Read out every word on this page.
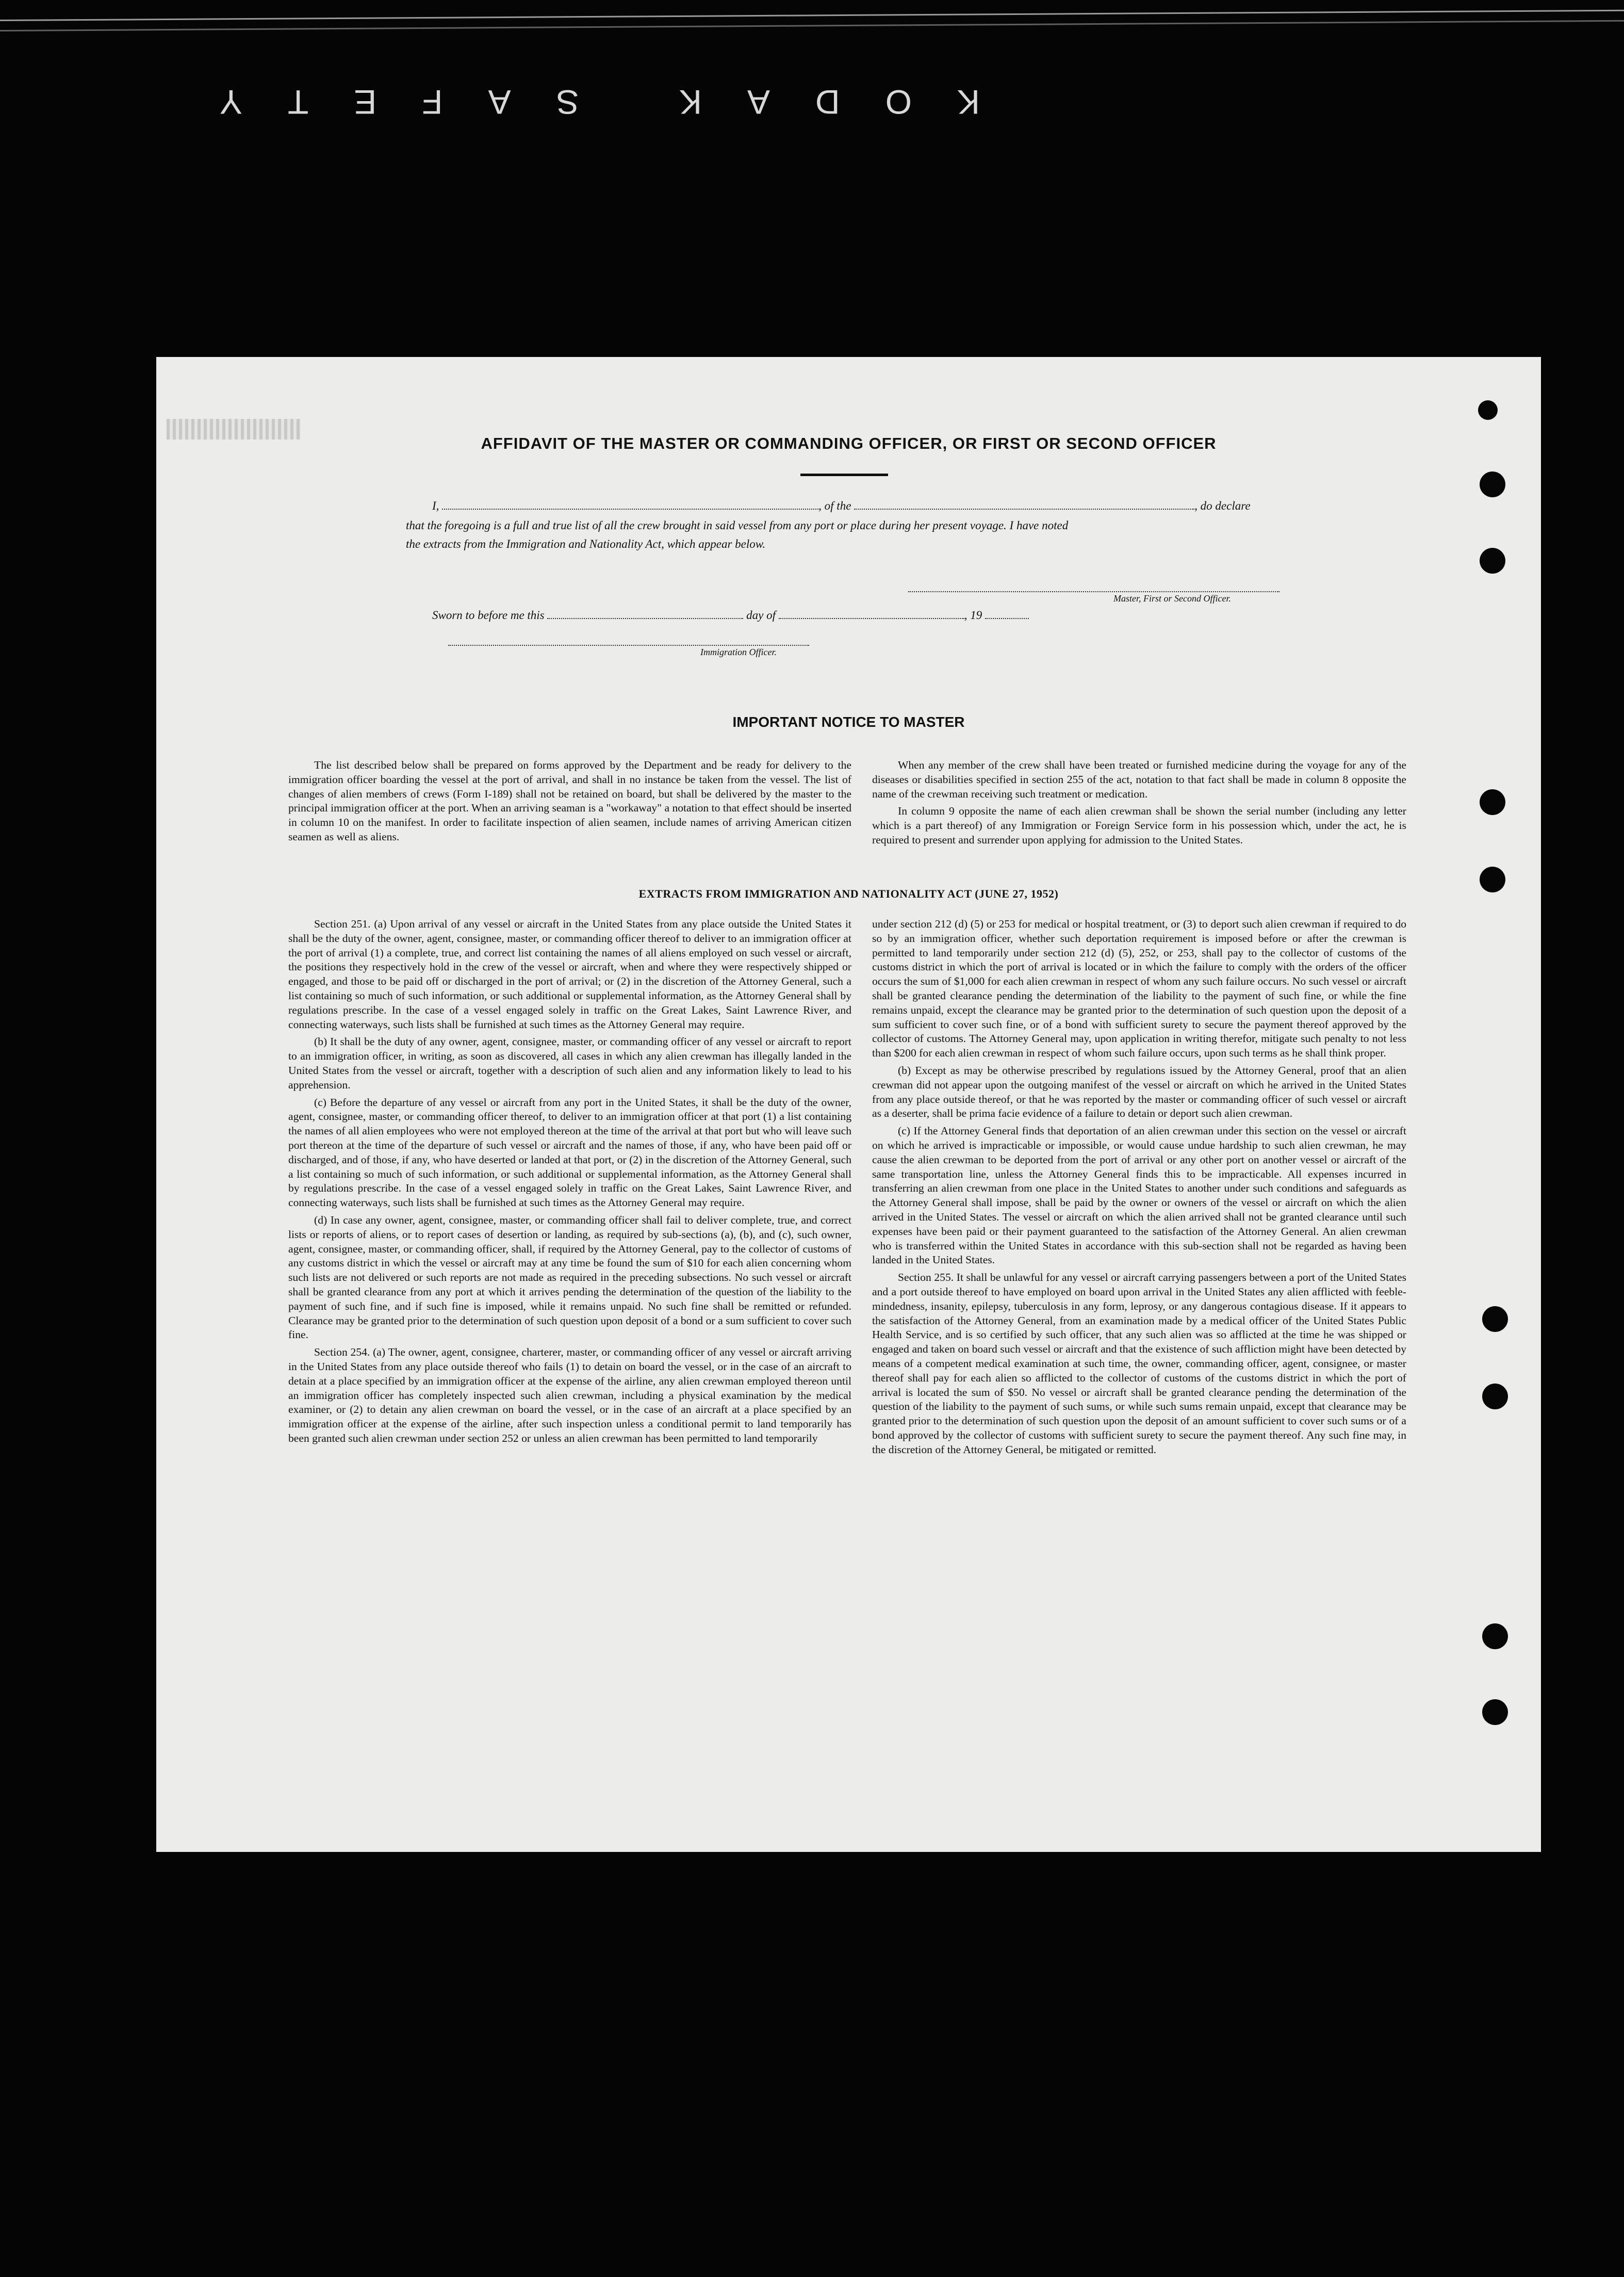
KODAK SAFETY
AFFIDAVIT OF THE MASTER OR COMMANDING OFFICER, OR FIRST OR SECOND OFFICER
I,	, of the	, do declare
that the foregoing is a full and true list of all the crew brought in said vessel from any port or place during her present voyage. I have noted
the extracts from the Immigration and Nationality Act, which appear below.
Master, First or Second Officer.
Sworn to before me this	day of	, 19
Immigration Officer.
IMPORTANT NOTICE TO MASTER

The list described below shall be prepared on forms approved by the Department and be ready for delivery to the immigration officer boarding the vessel at the port of arrival, and shall in no instance be taken from the vessel. The list of changes of alien members of crews (Form I-189) shall not be retained on board, but shall be delivered by the master to the principal immigration officer at the port. When an arriving seaman is a "workaway" a notation to that effect should be inserted in column 10 on the manifest. In order to facilitate inspection of alien seamen, include names of arriving American citizen seamen as well as aliens.

When any member of the crew shall have been treated or furnished medicine during the voyage for any of the diseases or disabilities specified in section 255 of the act, notation to that fact shall be made in column 8 opposite the name of the crewman receiving such treatment or medication.

In column 9 opposite the name of each alien crewman shall be shown the serial number (including any letter which is a part thereof) of any Immigration or Foreign Service form in his possession which, under the act, he is required to present and surrender upon applying for admission to the United States.

EXTRACTS FROM IMMIGRATION AND NATIONALITY ACT (JUNE 27, 1952)

Section 251. (a) Upon arrival of any vessel or aircraft in the United States from any place outside the United States it shall be the duty of the owner, agent, consignee, master, or commanding officer thereof to deliver to an immigration officer at the port of arrival (1) a complete, true, and correct list containing the names of all aliens employed on such vessel or aircraft, the positions they respectively hold in the crew of the vessel or aircraft, when and where they were respectively shipped or engaged, and those to be paid off or discharged in the port of arrival; or (2) in the discretion of the Attorney General, such a list containing so much of such information, or such additional or supplemental information, as the Attorney General shall by regulations prescribe. In the case of a vessel engaged solely in traffic on the Great Lakes, Saint Lawrence River, and connecting waterways, such lists shall be furnished at such times as the Attorney General may require.

(b) It shall be the duty of any owner, agent, consignee, master, or commanding officer of any vessel or aircraft to report to an immigration officer, in writing, as soon as discovered, all cases in which any alien crewman has illegally landed in the United States from the vessel or aircraft, together with a description of such alien and any information likely to lead to his apprehension.

(c) Before the departure of any vessel or aircraft from any port in the United States, it shall be the duty of the owner, agent, consignee, master, or commanding officer thereof, to deliver to an immigration officer at that port (1) a list containing the names of all alien employees who were not employed thereon at the time of the arrival at that port but who will leave such port thereon at the time of the departure of such vessel or aircraft and the names of those, if any, who have been paid off or discharged, and of those, if any, who have deserted or landed at that port, or (2) in the discretion of the Attorney General, such a list containing so much of such information, or such additional or supplemental information, as the Attorney General shall by regulations prescribe. In the case of a vessel engaged solely in traffic on the Great Lakes, Saint Lawrence River, and connecting waterways, such lists shall be furnished at such times as the Attorney General may require.

(d) In case any owner, agent, consignee, master, or commanding officer shall fail to deliver complete, true, and correct lists or reports of aliens, or to report cases of desertion or landing, as required by sub-sections (a), (b), and (c), such owner, agent, consignee, master, or commanding officer, shall, if required by the Attorney General, pay to the collector of customs of any customs district in which the vessel or aircraft may at any time be found the sum of $10 for each alien concerning whom such lists are not delivered or such reports are not made as required in the preceding subsections. No such vessel or aircraft shall be granted clearance from any port at which it arrives pending the determination of the question of the liability to the payment of such fine, and if such fine is imposed, while it remains unpaid. No such fine shall be remitted or refunded. Clearance may be granted prior to the determination of such question upon deposit of a bond or a sum sufficient to cover such fine.

Section 254. (a) The owner, agent, consignee, charterer, master, or commanding officer of any vessel or aircraft arriving in the United States from any place outside thereof who fails (1) to detain on board the vessel, or in the case of an aircraft to detain at a place specified by an immigration officer at the expense of the airline, any alien crewman employed thereon until an immigration officer has completely inspected such alien crewman, including a physical examination by the medical examiner, or (2) to detain any alien crewman on board the vessel, or in the case of an aircraft at a place specified by an immigration officer at the expense of the airline, after such inspection unless a conditional permit to land temporarily has been granted such alien crewman under section 252 or unless an alien crewman has been permitted to land temporarily

under section 212 (d) (5) or 253 for medical or hospital treatment, or (3) to deport such alien crewman if required to do so by an immigration officer, whether such deportation requirement is imposed before or after the crewman is permitted to land temporarily under section 212 (d) (5), 252, or 253, shall pay to the collector of customs of the customs district in which the port of arrival is located or in which the failure to comply with the orders of the officer occurs the sum of $1,000 for each alien crewman in respect of whom any such failure occurs. No such vessel or aircraft shall be granted clearance pending the determination of the liability to the payment of such fine, or while the fine remains unpaid, except the clearance may be granted prior to the determination of such question upon the deposit of a sum sufficient to cover such fine, or of a bond with sufficient surety to secure the payment thereof approved by the collector of customs. The Attorney General may, upon application in writing therefor, mitigate such penalty to not less than $200 for each alien crewman in respect of whom such failure occurs, upon such terms as he shall think proper.

(b) Except as may be otherwise prescribed by regulations issued by the Attorney General, proof that an alien crewman did not appear upon the outgoing manifest of the vessel or aircraft on which he arrived in the United States from any place outside thereof, or that he was reported by the master or commanding officer of such vessel or aircraft as a deserter, shall be prima facie evidence of a failure to detain or deport such alien crewman.

(c) If the Attorney General finds that deportation of an alien crewman under this section on the vessel or aircraft on which he arrived is impracticable or impossible, or would cause undue hardship to such alien crewman, he may cause the alien crewman to be deported from the port of arrival or any other port on another vessel or aircraft of the same transportation line, unless the Attorney General finds this to be impracticable. All expenses incurred in transferring an alien crewman from one place in the United States to another under such conditions and safeguards as the Attorney General shall impose, shall be paid by the owner or owners of the vessel or aircraft on which the alien arrived in the United States. The vessel or aircraft on which the alien arrived shall not be granted clearance until such expenses have been paid or their payment guaranteed to the satisfaction of the Attorney General. An alien crewman who is transferred within the United States in accordance with this sub-section shall not be regarded as having been landed in the United States.

Section 255. It shall be unlawful for any vessel or aircraft carrying passengers between a port of the United States and a port outside thereof to have employed on board upon arrival in the United States any alien afflicted with feeble-mindedness, insanity, epilepsy, tuberculosis in any form, leprosy, or any dangerous contagious disease. If it appears to the satisfaction of the Attorney General, from an examination made by a medical officer of the United States Public Health Service, and is so certified by such officer, that any such alien was so afflicted at the time he was shipped or engaged and taken on board such vessel or aircraft and that the existence of such affliction might have been detected by means of a competent medical examination at such time, the owner, commanding officer, agent, consignee, or master thereof shall pay for each alien so afflicted to the collector of customs of the customs district in which the port of arrival is located the sum of $50. No vessel or aircraft shall be granted clearance pending the determination of the question of the liability to the payment of such sums, or while such sums remain unpaid, except that clearance may be granted prior to the determination of such question upon the deposit of an amount sufficient to cover such sums or of a bond approved by the collector of customs with sufficient surety to secure the payment thereof. Any such fine may, in the discretion of the Attorney General, be mitigated or remitted.
